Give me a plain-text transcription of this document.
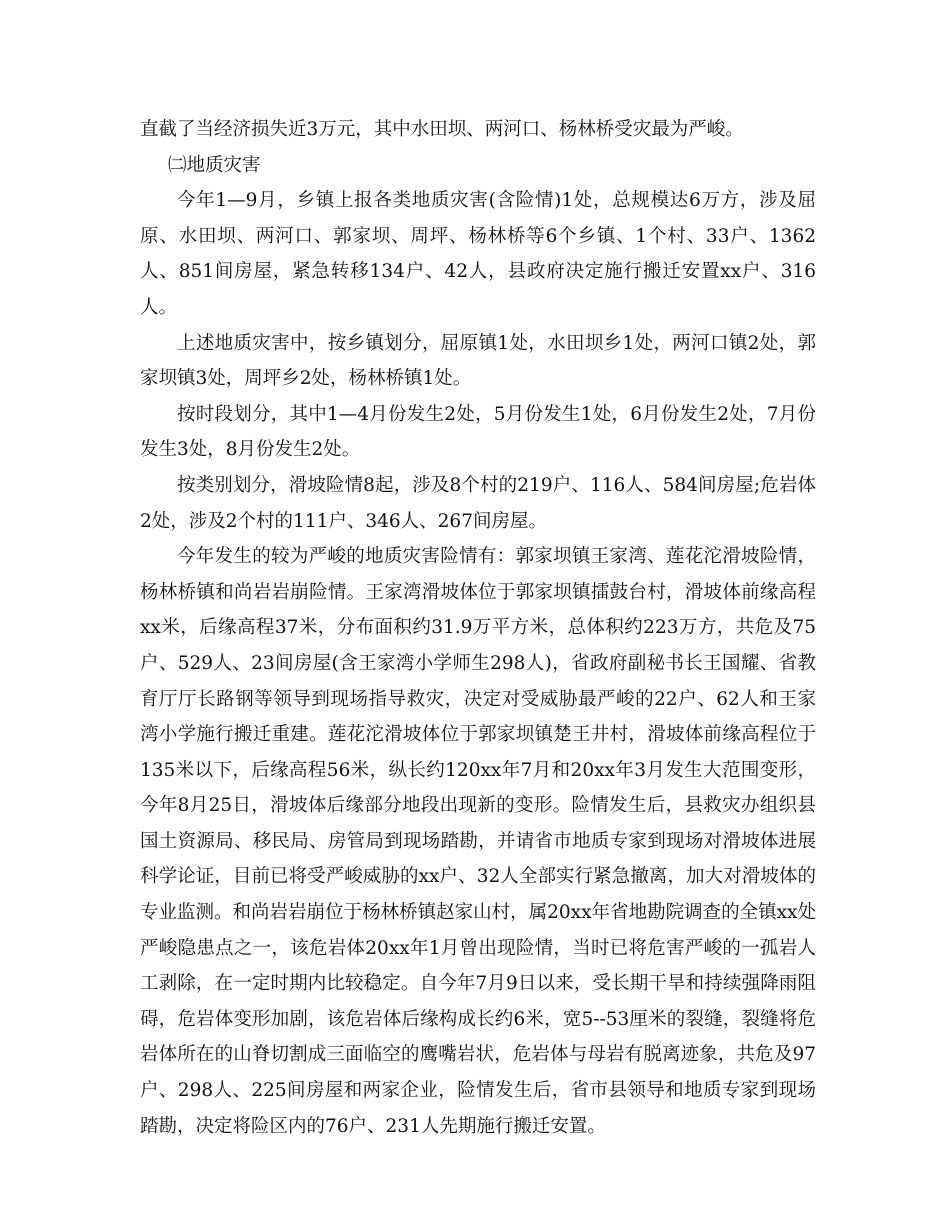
直截了当经济损失近3万元，其中水田坝、两河口、杨林桥受灾最为严峻。

㈡地质灾害

今年1—9月，乡镇上报各类地质灾害(含险情)1处，总规模达6万方，涉及屈原、水田坝、两河口、郭家坝、周坪、杨林桥等6个乡镇、1个村、33户、1362人、851间房屋，紧急转移134户、42人，县政府决定施行搬迁安置xx户、316人。

上述地质灾害中，按乡镇划分，屈原镇1处，水田坝乡1处，两河口镇2处，郭家坝镇3处，周坪乡2处，杨林桥镇1处。

按时段划分，其中1—4月份发生2处，5月份发生1处，6月份发生2处，7月份发生3处，8月份发生2处。

按类别划分，滑坡险情8起，涉及8个村的219户、116人、584间房屋;危岩体2处，涉及2个村的111户、346人、267间房屋。

今年发生的较为严峻的地质灾害险情有：郭家坝镇王家湾、莲花沱滑坡险情，杨林桥镇和尚岩岩崩险情。王家湾滑坡体位于郭家坝镇擂鼓台村，滑坡体前缘高程xx米，后缘高程37米，分布面积约31.9万平方米，总体积约223万方，共危及75户、529人、23间房屋(含王家湾小学师生298人)，省政府副秘书长王国耀、省教育厅厅长路钢等领导到现场指导救灾，决定对受威胁最严峻的22户、62人和王家湾小学施行搬迁重建。莲花沱滑坡体位于郭家坝镇楚王井村，滑坡体前缘高程位于135米以下，后缘高程56米，纵长约120xx年7月和20xx年3月发生大范围变形，今年8月25日，滑坡体后缘部分地段出现新的变形。险情发生后，县救灾办组织县国土资源局、移民局、房管局到现场踏勘，并请省市地质专家到现场对滑坡体进展科学论证，目前已将受严峻威胁的xx户、32人全部实行紧急撤离，加大对滑坡体的专业监测。和尚岩岩崩位于杨林桥镇赵家山村，属20xx年省地勘院调查的全镇xx处严峻隐患点之一，该危岩体20xx年1月曾出现险情，当时已将危害严峻的一孤岩人工剥除，在一定时期内比较稳定。自今年7月9日以来，受长期干旱和持续强降雨阻碍，危岩体变形加剧，该危岩体后缘构成长约6米，宽5--53厘米的裂缝，裂缝将危岩体所在的山脊切割成三面临空的鹰嘴岩状，危岩体与母岩有脱离迹象，共危及97户、298人、225间房屋和两家企业，险情发生后，省市县领导和地质专家到现场踏勘，决定将险区内的76户、231人先期施行搬迁安置。
